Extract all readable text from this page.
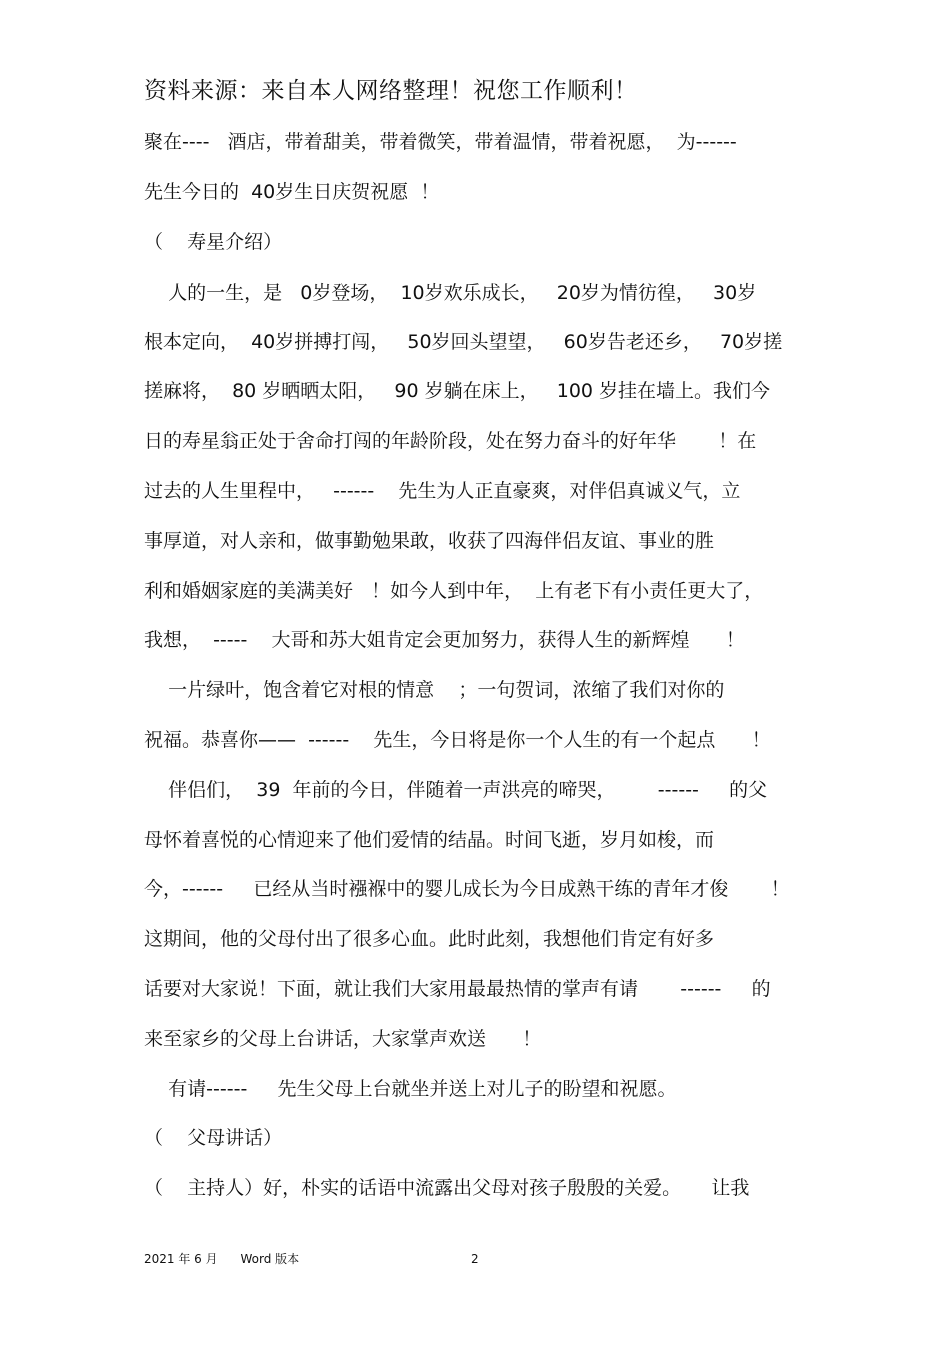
资料来源：来自本人网络整理！祝您工作顺利！
聚在----   酒店，带着甜美，带着微笑，带着温情，带着祝愿，  为------
先生今日的  40岁生日庆贺祝愿  ！
（    寿星介绍）
人的一生，是   0岁登场，  10岁欢乐成长，   20岁为情彷徨，   30岁
根本定向，  40岁拼搏打闯，   50岁回头望望，   60岁告老还乡，   70岁搓
搓麻将，  80 岁晒晒太阳，   90 岁躺在床上，   100 岁挂在墙上。我们今
日的寿星翁正处于舍命打闯的年龄阶段，处在努力奋斗的好年华       ！在
过去的人生里程中，   ------    先生为人正直豪爽，对伴侣真诚义气，立
事厚道，对人亲和，做事勤勉果敢，收获了四海伴侣友谊、事业的胜
利和婚姻家庭的美满美好   ！如今人到中年，  上有老下有小责任更大了，
我想，  -----    大哥和苏大姐肯定会更加努力，获得人生的新辉煌      ！
一片绿叶，饱含着它对根的情意    ；一句贺词，浓缩了我们对你的
祝福。恭喜你——  ------    先生，今日将是你一个人生的有一个起点      ！
伴侣们，  39  年前的今日，伴随着一声洪亮的啼哭，       ------     的父
母怀着喜悦的心情迎来了他们爱情的结晶。时间飞逝，岁月如梭，而
今，------     已经从当时襁褓中的婴儿成长为今日成熟干练的青年才俊       ！
这期间，他的父母付出了很多心血。此时此刻，我想他们肯定有好多
话要对大家说！下面，就让我们大家用最最热情的掌声有请       ------     的
来至家乡的父母上台讲话，大家掌声欢送      ！
有请------     先生父母上台就坐并送上对儿子的盼望和祝愿。
（    父母讲话）
（    主持人）好，朴实的话语中流露出父母对孩子殷殷的关爱。     让我
2021 年 6 月      Word 版本	2
